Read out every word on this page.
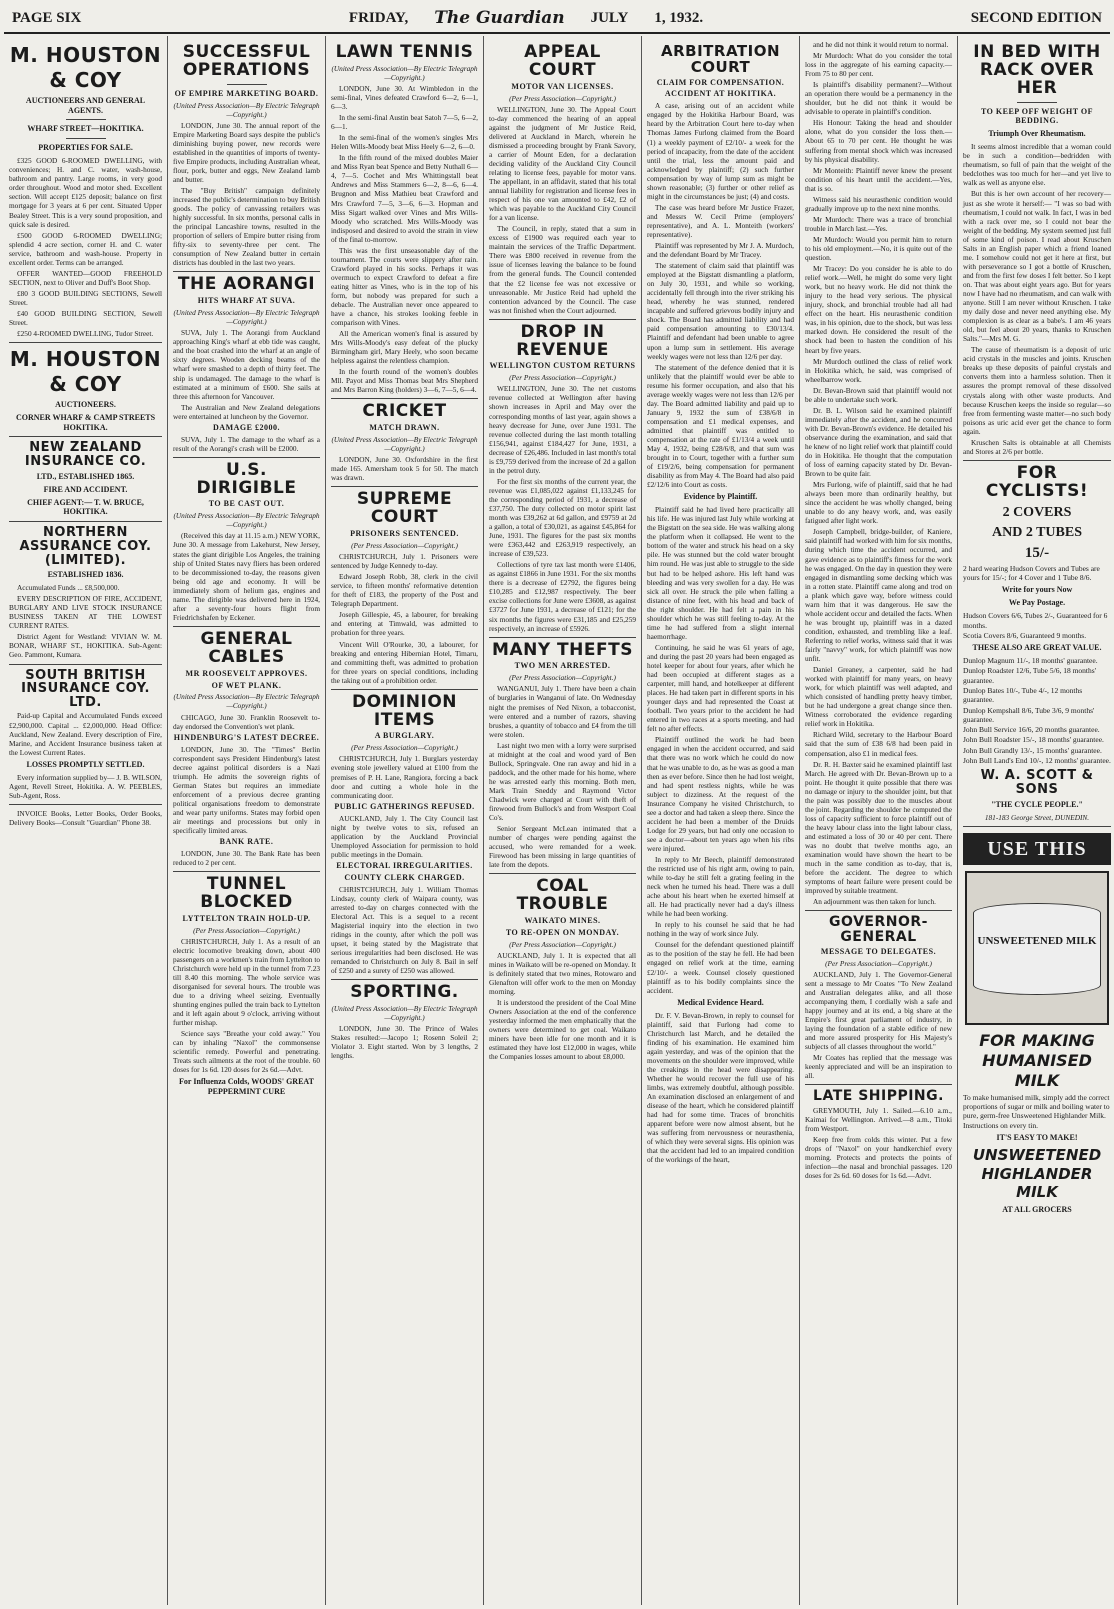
PAGE SIX	FRIDAY, The Guardian JULY 1, 1932.	SECOND EDITION
M. HOUSTON & COY
AUCTIONEERS AND GENERAL AGENTS.
WHARF STREET—HOKITIKA.
PROPERTIES FOR SALE.

£325 GOOD 6-ROOMED DWELLING, with conveniences; H. and C. water, wash-house, bathroom and pantry. Large rooms, in very good order throughout. Wood and motor shed. Excellent section. Will accept £125 deposit; balance on first mortgage for 3 years at 6 per cent. Situated Upper Bealey Street. This is a very sound proposition, and quick sale is desired.

£500 GOOD 6-ROOMED DWELLING; splendid 4 acre section, corner H. and C. water service, bathroom and wash-house. Property in excellent order. Terms can be arranged.

OFFER WANTED—GOOD FREEHOLD SECTION, next to Oliver and Duff's Boot Shop.

£80 3 GOOD BUILDING SECTIONS, Sewell Street.

£40 GOOD BUILDING SECTION, Sewell Street.

£250 4-ROOMED DWELLING, Tudor Street.

M. HOUSTON & COY
AUCTIONEERS.
CORNER WHARF & CAMP STREETS HOKITIKA.
NEW ZEALAND INSURANCE CO.
LTD., ESTABLISHED 1865.
FIRE AND ACCIDENT.
CHIEF AGENT:— T. W. BRUCE, HOKITIKA.
NORTHERN ASSURANCE COY. (LIMITED).
ESTABLISHED 1836.

Accumulated Funds ... £8,500,000.

EVERY DESCRIPTION OF FIRE, ACCIDENT, BURGLARY AND LIVE STOCK INSURANCE BUSINESS TAKEN AT THE LOWEST CURRENT RATES.

District Agent for Westland: VIVIAN W. M. BONAR, WHARF ST., HOKITIKA. Sub-Agent: Geo. Pammont, Kumara.

SOUTH BRITISH INSURANCE COY. LTD.

Paid-up Capital and Accumulated Funds exceed £2,900,000. Capital ... £2,000,000. Head Office: Auckland, New Zealand. Every description of Fire, Marine, and Accident Insurance business taken at the Lowest Current Rates.

LOSSES PROMPTLY SETTLED.

Every information supplied by— J. B. WILSON, Agent, Revell Street, Hokitika. A. W. PEEBLES, Sub-Agent, Ross.

INVOICE Books, Letter Books, Order Books, Delivery Books—Consult "Guardian" Phone 38.

SUCCESSFUL OPERATIONS
OF EMPIRE MARKETING BOARD.

(United Press Association—By Electric Telegraph—Copyright.)

LONDON, June 30. The annual report of the Empire Marketing Board says despite the public's diminishing buying power, new records were established in the quantities of imports of twenty-five Empire products, including Australian wheat, flour, pork, butter and eggs, New Zealand lamb and butter.

The "Buy British" campaign definitely increased the public's determination to buy British goods. The policy of canvassing retailers was highly successful. In six months, personal calls in the principal Lancashire towns, resulted in the proportion of sellers of Empire butter rising from fifty-six to seventy-three per cent. The consumption of New Zealand butter in certain districts has doubled in the last two years.

THE AORANGI
HITS WHARF AT SUVA.

(United Press Association—By Electric Telegraph—Copyright.)

SUVA, July 1. The Aorangi from Auckland approaching King's wharf at ebb tide was caught, and the boat crashed into the wharf at an angle of sixty degrees. Wooden decking beams of the wharf were smashed to a depth of thirty feet. The ship is undamaged. The damage to the wharf is estimated at a minimum of £600. She sails at three this afternoon for Vancouver.

The Australian and New Zealand delegations were entertained at luncheon by the Governor.

DAMAGE £2000.

SUVA, July 1. The damage to the wharf as a result of the Aorangi's crash will be £2000.

U.S. DIRIGIBLE
TO BE CAST OUT.

(United Press Association—By Electric Telegraph—Copyright.)

(Received this day at 11.15 a.m.) NEW YORK, June 30. A message from Lakehurst, New Jersey, states the giant dirigible Los Angeles, the training ship of United States navy fliers has been ordered to be decommissioned to-day, the reasons given being old age and economy. It will be immediately shorn of helium gas, engines and name. The dirigible was delivered here in 1924, after a seventy-four hours flight from Friedrichshafen by Eckener.

GENERAL CABLES
MR ROOSEVELT APPROVES.
OF WET PLANK.

(United Press Association—By Electric Telegraph—Copyright.)

CHICAGO, June 30. Franklin Roosevelt to-day endorsed the Convention's wet plank.

HINDENBURG'S LATEST DECREE.

LONDON, June 30. The "Times" Berlin correspondent says President Hindenburg's latest decree against political disorders is a Nazi triumph. He admits the sovereign rights of German States but requires an immediate enforcement of a previous decree granting political organisations freedom to demonstrate and wear party uniforms. States may forbid open air meetings and processions but only in specifically limited areas.

BANK RATE.

LONDON, June 30. The Bank Rate has been reduced to 2 per cent.

TUNNEL BLOCKED
LYTTELTON TRAIN HOLD-UP.

(Per Press Association—Copyright.)

CHRISTCHURCH, July 1. As a result of an electric locomotive breaking down, about 400 passengers on a workmen's train from Lyttelton to Christchurch were held up in the tunnel from 7.23 till 8.40 this morning. The whole service was disorganised for several hours. The trouble was due to a driving wheel seizing. Eventually shunting engines pulled the train back to Lyttelton and it left again about 9 o'clock, arriving without further mishap.

Science says "Breathe your cold away." You can by inhaling "Naxol" the commonsense scientific remedy. Powerful and penetrating. Treats such ailments at the root of the trouble. 60 doses for 1s 6d. 120 doses for 2s 6d.—Advt.

For Influenza Colds, WOODS' GREAT PEPPERMINT CURE
LAWN TENNIS

(United Press Association—By Electric Telegraph—Copyright.)

LONDON, June 30. At Wimbledon in the semi-final, Vines defeated Crawford 6—2, 6—1, 6—3.

In the semi-final Austin beat Satoh 7—5, 6—2, 6—1.

In the semi-final of the women's singles Mrs Helen Wills-Moody beat Miss Heely 6—2, 6—0.

In the fifth round of the mixed doubles Maier and Miss Ryan beat Spence and Betty Nuthall 6—4, 7—5. Cochet and Mrs Whittingstall beat Andrews and Miss Stammers 6—2, 8—6, 6—4. Brugnon and Miss Mathieu beat Crawford and Mrs Crawford 7—5, 3—6, 6—3. Hopman and Miss Sigart walked over Vines and Mrs Wills-Moody who scratched. Mrs Wills-Moody was indisposed and desired to avoid the strain in view of the final to-morrow.

This was the first unseasonable day of the tournament. The courts were slippery after rain. Crawford played in his socks. Perhaps it was overmuch to expect Crawford to defeat a fire eating hitter as Vines, who is in the top of his form, but nobody was prepared for such a debacle. The Australian never once appeared to have a chance, his strokes looking feeble in comparison with Vines.

All the American women's final is assured by Mrs Wills-Moody's easy defeat of the plucky Birmingham girl, Mary Heely, who soon became helpless against the relentless champion.

In the fourth round of the women's doubles Mll. Payot and Miss Thomas beat Mrs Shepherd and Mrs Barron King (holders) 3—6, 7—5, 6—4.

CRICKET
MATCH DRAWN.

(United Press Association—By Electric Telegraph—Copyright.)

LONDON, June 30. Oxfordshire in the first made 165. Amersham took 5 for 50. The match was drawn.

SUPREME COURT
PRISONERS SENTENCED.

(Per Press Association—Copyright.)

CHRISTCHURCH, July 1. Prisoners were sentenced by Judge Kennedy to-day.

Edward Joseph Robb, 38, clerk in the civil service, to fifteen months' reformative detention for theft of £183, the property of the Post and Telegraph Department.

Joseph Gillespie, 45, a labourer, for breaking and entering at Timwald, was admitted to probation for three years.

Vincent Will O'Rourke, 30, a labourer, for breaking and entering Hibernian Hotel, Timaru, and committing theft, was admitted to probation for three years on special conditions, including the taking out of a prohibition order.

DOMINION ITEMS
A BURGLARY.

(Per Press Association—Copyright.)

CHRISTCHURCH, July 1. Burglars yesterday evening stole jewellery valued at £100 from the premises of P. H. Lane, Rangiora, forcing a back door and cutting a whole hole in the communicating door.

PUBLIC GATHERINGS REFUSED.

AUCKLAND, July 1. The City Council last night by twelve votes to six, refused an application by the Auckland Provincial Unemployed Association for permission to hold public meetings in the Domain.

ELECTORAL IRREGULARITIES.
COUNTY CLERK CHARGED.

CHRISTCHURCH, July 1. William Thomas Lindsay, county clerk of Waipara county, was arrested to-day on charges connected with the Electoral Act. This is a sequel to a recent Magisterial inquiry into the election in two ridings in the county, after which the poll was upset, it being stated by the Magistrate that serious irregularities had been disclosed. He was remanded to Christchurch on July 8. Bail in self of £250 and a surety of £250 was allowed.

SPORTING.

(United Press Association—By Electric Telegraph—Copyright.)

LONDON, June 30. The Prince of Wales Stakes resulted:—Jacopo 1; Rosenn Soleil 2; Violator 3. Eight started. Won by 3 lengths, 2 lengths.

APPEAL COURT
MOTOR VAN LICENSES.

(Per Press Association—Copyright.)

WELLINGTON, June 30. The Appeal Court to-day commenced the hearing of an appeal against the judgment of Mr Justice Reid, delivered at Auckland in March, wherein he dismissed a proceeding brought by Frank Savory, a carrier of Mount Eden, for a declaration deciding validity of the Auckland City Council relating to license fees, payable for motor vans. The appellant, in an affidavit, stated that his total annual liability for registration and license fees in respect of his one van amounted to £42, £2 of which was payable to the Auckland City Council for a van license.

The Council, in reply, stated that a sum in excess of £1900 was required each year to maintain the services of the Traffic Department. There was £800 received in revenue from the issue of licenses leaving the balance to be found from the general funds. The Council contended that the £2 license fee was not excessive or unreasonable. Mr Justice Reid had upheld the contention advanced by the Council. The case was not finished when the Court adjourned.

DROP IN REVENUE
WELLINGTON CUSTOM RETURNS

(Per Press Association—Copyright.)

WELLINGTON, June 30. The net customs revenue collected at Wellington after having shown increases in April and May over the corresponding months of last year, again shows a heavy decrease for June, over June 1931. The revenue collected during the last month totalling £156,941, against £184,427 for June, 1931, a decrease of £26,486. Included in last month's total is £9,759 derived from the increase of 2d a gallon in the petrol duty.

For the first six months of the current year, the revenue was £1,085,022 against £1,133,245 for the corresponding period of 1931, a decrease of £37,750. The duty collected on motor spirit last month was £39,262 at 6d gallon, and £9759 at 2d a gallon, a total of £30,021, as against £45,864 for June, 1931. The figures for the past six months were £363,442 and £263,919 respectively, an increase of £39,523.

Collections of tyre tax last month were £1406, as against £1866 in June 1931. For the six months there is a decrease of £2792, the figures being £10,285 and £12,987 respectively. The beer excise collections for June were £3608, as against £3727 for June 1931, a decrease of £121; for the six months the figures were £31,185 and £25,259 respectively, an increase of £5926.

MANY THEFTS
TWO MEN ARRESTED.

(Per Press Association—Copyright.)

WANGANUI, July 1. There have been a chain of burglaries in Wanganui of late. On Wednesday night the premises of Ned Nixon, a tobacconist, were entered and a number of razors, shaving brushes, a quantity of tobacco and £4 from the till were stolen.

Last night two men with a lorry were surprised at midnight at the coal and wood yard of Ben Bullock, Springvale. One ran away and hid in a paddock, and the other made for his home, where he was arrested early this morning. Both men, Mark Train Sneddy and Raymond Victor Chadwick were charged at Court with theft of firewood from Bullock's and from Westport Coal Co's.

Senior Sergeant McLean intimated that a number of charges were pending against the accused, who were remanded for a week. Firewood has been missing in large quantities of late from the depots.

COAL TROUBLE
WAIKATO MINES.
TO RE-OPEN ON MONDAY.

(Per Press Association—Copyright.)

AUCKLAND, July 1. It is expected that all mines in Waikato will be re-opened on Monday. It is definitely stated that two mines, Rotowaro and Glenafton will offer work to the men on Monday morning.

It is understood the president of the Coal Mine Owners Association at the end of the conference yesterday informed the men emphatically that the owners were determined to get coal. Waikato miners have been idle for one month and it is estimated they have lost £12,000 in wages, while the Companies losses amount to about £8,000.

ARBITRATION COURT
CLAIM FOR COMPENSATION.
ACCIDENT AT HOKITIKA.

A case, arising out of an accident while engaged by the Hokitika Harbour Board, was heard by the Arbitration Court here to-day when Thomas James Furlong claimed from the Board (1) a weekly payment of £2/10/- a week for the period of incapacity, from the date of the accident until the trial, less the amount paid and acknowledged by plaintiff; (2) such further compensation by way of lump sum as might be shown reasonable; (3) further or other relief as might in the circumstances be just; (4) and costs.

The case was heard before Mr Justice Frazer, and Messrs W. Cecil Prime (employers' representative), and A. L. Monteith (workers' representative).

Plaintiff was represented by Mr J. A. Murdoch, and the defendant Board by Mr Tracey.

The statement of claim said that plaintiff was employed at the Bigstatt dismantling a platform, on July 30, 1931, and while so working, accidentally fell through into the river striking his head, whereby he was stunned, rendered incapable and suffered grievous bodily injury and shock. The Board has admitted liability and had paid compensation amounting to £30/13/4. Plaintiff and defendant had been unable to agree upon a lump sum in settlement. His average weekly wages were not less than 12/6 per day.

The statement of the defence denied that it is unlikely that the plaintiff would ever be able to resume his former occupation, and also that his average weekly wages were not less than 12/6 per day. The Board admitted liability and paid up to January 9, 1932 the sum of £38/6/8 in compensation and £1 medical expenses, and admitted that plaintiff was entitled to compensation at the rate of £1/13/4 a week until May 4, 1932, being £28/6/8, and that sum was brought in to Court, together with a further sum of £19/2/6, being compensation for permanent disability as from May 4. The Board had also paid £2/12/6 into Court as costs.

Evidence by Plaintiff.

Plaintiff said he had lived here practically all his life. He was injured last July while working at the Bigstatt on the sea side. He was walking along the platform when it collapsed. He went to the bottom of the water and struck his head on a sky pile. He was stunned but the cold water brought him round. He was just able to struggle to the side but had to be helped ashore. His left hand was bleeding and was very swollen for a day. He was sick all over. He struck the pile when falling a distance of nine feet, with his head and back of the right shoulder. He had felt a pain in his shoulder which he was still feeling to-day. At the time he had suffered from a slight internal haemorrhage.

Continuing, he said he was 61 years of age, and during the past 20 years had been engaged as hotel keeper for about four years, after which he had been occupied at different stages as a carpenter, mill hand, and hotelkeeper at different places. He had taken part in different sports in his younger days and had represented the Coast at football. Two years prior to the accident he had entered in two races at a sports meeting, and had felt no after effects.

Plaintiff outlined the work he had been engaged in when the accident occurred, and said that there was no work which he could do now that he was unable to do, as he was as good a man then as ever before. Since then he had lost weight, and had spent restless nights, while he was subject to dizziness. At the request of the Insurance Company he visited Christchurch, to see a doctor and had taken a sleep there. Since the accident he had been a member of the Druids Lodge for 29 years, but had only one occasion to see a doctor—about ten years ago when his ribs were injured.

In reply to Mr Beech, plaintiff demonstrated the restricted use of his right arm, owing to pain, while to-day he still felt a grating feeling in the neck when he turned his head. There was a dull ache about his heart when he exerted himself at all. He had practically never had a day's illness while he had been working.

In reply to his counsel he said that he had nothing in the way of work since July.

Counsel for the defendant questioned plaintiff as to the position of the stay he fell. He had been engaged on relief work at the time, earning £2/10/- a week. Counsel closely questioned plaintiff as to his bodily complaints since the accident.

Medical Evidence Heard.

Dr. F. V. Bevan-Brown, in reply to counsel for plaintiff, said that Furlong had come to Christchurch last March, and he detailed the finding of his examination. He examined him again yesterday, and was of the opinion that the movements on the shoulder were improved, while the creakings in the head were disappearing. Whether he would recover the full use of his limbs, was extremely doubtful, although possible. An examination disclosed an enlargement of and disease of the heart, which he considered plaintiff had had for some time. Traces of bronchitis apparent before were now almost absent, but he was suffering from nervousness or neurasthenia, of which they were several signs. His opinion was that the accident had led to an impaired condition of the workings of the heart,

and he did not think it would return to normal.

Mr Murdoch: What do you consider the total loss in the aggregate of his earning capacity.—From 75 to 80 per cent.

Is plaintiff's disability permanent?—Without an operation there would be a permanency in the shoulder, but he did not think it would be advisable to operate in plaintiff's condition.

His Honour: Taking the head and shoulder alone, what do you consider the loss then.—About 65 to 70 per cent. He thought he was suffering from mental shock which was increased by his physical disability.

Mr Monteith: Plaintiff never knew the present condition of his heart until the accident.—Yes, that is so.

Witness said his neurasthenic condition would gradually improve up to the next nine months.

Mr Murdoch: There was a trace of bronchial trouble in March last.—Yes.

Mr Murdoch: Would you permit him to return to his old employment.—No, it is quite out of the question.

Mr Tracey: Do you consider he is able to do relief work.—Well, he might do some very light work, but no heavy work. He did not think the injury to the head very serious. The physical injury, shock, and bronchial trouble had all had effect on the heart. His neurasthenic condition was, in his opinion, due to the shock, but was less marked down. He considered the result of the shock had been to hasten the condition of his heart by five years.

Mr Murdoch outlined the class of relief work in Hokitika which, he said, was comprised of wheelbarrow work.

Dr. Bevan-Brown said that plaintiff would not be able to undertake such work.

Dr. B. L. Wilson said he examined plaintiff immediately after the accident, and he concurred with Dr. Bevan-Brown's evidence. He detailed his observance during the examination, and said that he knew of no light relief work that plaintiff could do in Hokitika. He thought that the computation of loss of earning capacity stated by Dr. Bevan-Brown to be quite fair.

Mrs Furlong, wife of plaintiff, said that he had always been more than ordinarily healthy, but since the accident he was wholly changed, being unable to do any heavy work, and, was easily fatigued after light work.

Joseph Campbell, bridge-builder, of Kaniere, said plaintiff had worked with him for six months, during which time the accident occurred, and gave evidence as to plaintiff's fitness for the work he was engaged. On the day in question they were engaged in dismantling some decking which was in a rotten state. Plaintiff came along and trod on a plank which gave way, before witness could warn him that it was dangerous. He saw the whole accident occur and detailed the facts. When he was brought up, plaintiff was in a dazed condition, exhausted, and trembling like a leaf. Referring to relief works, witness said that it was fairly "navvy" work, for which plaintiff was now unfit.

Daniel Greaney, a carpenter, said he had worked with plaintiff for many years, on heavy work, for which plaintiff was well adapted, and which consisted of handling pretty heavy timber, but he had undergone a great change since then. Witness corroborated the evidence regarding relief work in Hokitika.

Richard Wild, secretary to the Harbour Board said that the sum of £38 6/8 had been paid in compensation, also £1 in medical fees.

Dr. R. H. Baxter said he examined plaintiff last March. He agreed with Dr. Bevan-Brown up to a point. He thought it quite possible that there was no damage or injury to the shoulder joint, but that the pain was possibly due to the muscles about the joint. Regarding the shoulder he computed the loss of capacity sufficient to force plaintiff out of the heavy labour class into the light labour class, and estimated a loss of 30 or 40 per cent. There was no doubt that twelve months ago, an examination would have shown the heart to be much in the same condition as to-day, that is, before the accident. The degree to which symptoms of heart failure were present could be improved by suitable treatment.

An adjournment was then taken for lunch.

GOVERNOR-GENERAL
MESSAGE TO DELEGATES.

(Per Press Association—Copyright.)

AUCKLAND, July 1. The Governor-General sent a message to Mr Coates "To New Zealand and Australian delegates alike, and all those accompanying them, I cordially wish a safe and happy journey and at its end, a big share at the Empire's first great parliament of industry, in laying the foundation of a stable edifice of new and more assured prosperity for His Majesty's subjects of all classes throughout the world."

Mr Coates has replied that the message was keenly appreciated and will be an inspiration to all.

LATE SHIPPING.

GREYMOUTH, July 1. Sailed.—6.10 a.m., Kaimai for Wellington. Arrived.—8 a.m., Titoki from Westport.

Keep free from colds this winter. Put a few drops of "Naxol" on your handkerchief every morning. Protects and protects the points of infection—the nasal and bronchial passages. 120 doses for 2s 6d. 60 doses for 1s 6d.—Advt.

IN BED WITH RACK OVER HER
TO KEEP OFF WEIGHT OF BEDDING.
Triumph Over Rheumatism.

It seems almost incredible that a woman could be in such a condition—bedridden with rheumatism, so full of pain that the weight of the bedclothes was too much for her—and yet live to walk as well as anyone else.

But this is her own account of her recovery—just as she wrote it herself:— "I was so bad with rheumatism, I could not walk. In fact, I was in bed with a rack over me, so I could not bear the weight of the bedding. My system seemed just full of some kind of poison. I read about Kruschen Salts in an English paper which a friend loaned me. I somehow could not get it here at first, but with perseverance so I got a bottle of Kruschen, and from the first few doses I felt better. So I kept on. That was about eight years ago. But for years now I have had no rheumatism, and can walk with anyone. Still I am never without Kruschen. I take my daily dose and never need anything else. My complexion is as clear as a babe's. I am 46 years old, but feel about 20 years, thanks to Kruschen Salts."—Mrs M. G.

The cause of rheumatism is a deposit of uric acid crystals in the muscles and joints. Kruschen breaks up these deposits of painful crystals and converts them into a harmless solution. Then it assures the prompt removal of these dissolved crystals along with other waste products. And because Kruschen keeps the inside so regular—so free from fermenting waste matter—no such body poisons as uric acid ever get the chance to form again.

Kruschen Salts is obtainable at all Chemists and Stores at 2/6 per bottle.

FOR CYCLISTS!
2 COVERS
AND 2 TUBES
15/-

2 hard wearing Hudson Covers and Tubes are yours for 15/-; for 4 Cover and 1 Tube 8/6.

Write for yours Now
We Pay Postage.

Hudson Covers 6/6, Tubes 2/-, Guaranteed for 6 months.

Scotia Covers 8/6, Guaranteed 9 months.

THESE ALSO ARE GREAT VALUE.

Dunlop Magnum 11/-, 18 months' guarantee.

Dunlop Roadster 12/6, Tube 5/6, 18 months' guarantee.

Dunlop Bates 10/-, Tube 4/-, 12 months guarantee.

Dunlop Kempshall 8/6, Tube 3/6, 9 months' guarantee.

John Bull Service 16/6, 20 months guarantee.

John Bull Roadster 15/-, 18 months' guarantee.

John Bull Grandly 13/-, 15 months' guarantee.

John Bull Land's End 10/-, 12 months' guarantee.

W. A. SCOTT & SONS
"THE CYCLE PEOPLE."

181-183 George Street, DUNEDIN.

USE THIS
UNSWEETENED MILK
FOR MAKING HUMANISED MILK

To make humanised milk, simply add the correct proportions of sugar or milk and boiling water to pure, germ-free Unsweetened Highlander Milk. Instructions on every tin.

IT'S EASY TO MAKE!
UNSWEETENED HIGHLANDER MILK
AT ALL GROCERS
